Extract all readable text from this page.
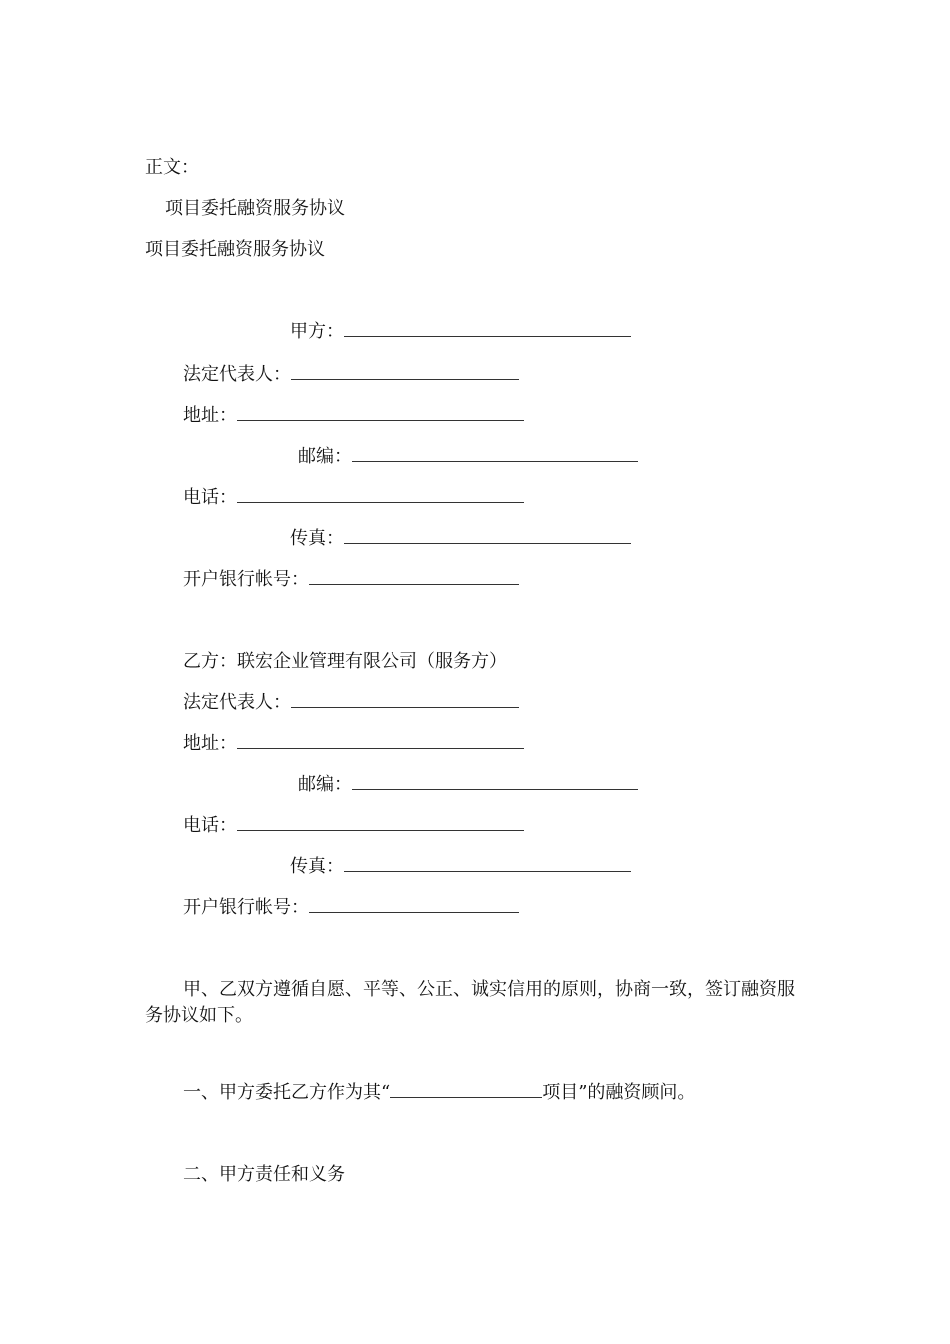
正文：
项目委托融资服务协议
项目委托融资服务协议
甲方：
法定代表人：
地址：
邮编：
电话：
传真：
开户银行帐号：
乙方：联宏企业管理有限公司（服务方）
法定代表人：
地址：
邮编：
电话：
传真：
开户银行帐号：
甲、乙双方遵循自愿、平等、公正、诚实信用的原则，协商一致，签订融资服务协议如下。
一、甲方委托乙方作为其“	项目”的融资顾问。
二、甲方责任和义务
